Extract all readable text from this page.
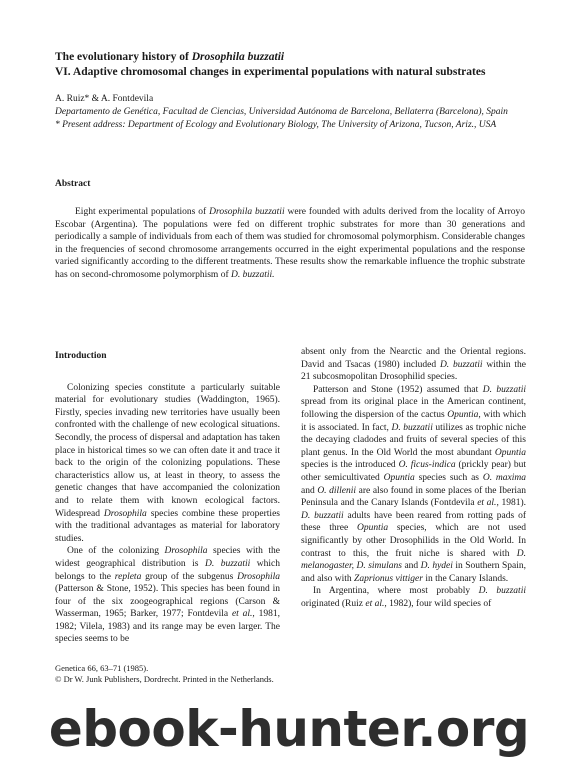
The evolutionary history of Drosophila buzzatii
VI. Adaptive chromosomal changes in experimental populations with natural substrates
A. Ruiz* & A. Fontdevila
Departamento de Genética, Facultad de Ciencias, Universidad Autónoma de Barcelona, Bellaterra (Barcelona), Spain
* Present address: Department of Ecology and Evolutionary Biology, The University of Arizona, Tucson, Ariz., USA
Abstract

Eight experimental populations of Drosophila buzzatii were founded with adults derived from the locality of Arroyo Escobar (Argentina). The populations were fed on different trophic substrates for more than 30 generations and periodically a sample of individuals from each of them was studied for chromosomal polymorphism. Considerable changes in the frequencies of second chromosome arrangements occurred in the eight experimental populations and the response varied significantly according to the different treatments. These results show the remarkable influence the trophic substrate has on second-chromosome polymorphism of D. buzzatii.

Introduction

Colonizing species constitute a particularly suitable material for evolutionary studies (Waddington, 1965). Firstly, species invading new territories have usually been confronted with the challenge of new ecological situations. Secondly, the process of dispersal and adaptation has taken place in historical times so we can often date it and trace it back to the origin of the colonizing populations. These characteristics allow us, at least in theory, to assess the genetic changes that have accompanied the colonization and to relate them with known ecological factors. Widespread Drosophila species combine these properties with the traditional advantages as material for laboratory studies.

One of the colonizing Drosophila species with the widest geographical distribution is D. buzzatii which belongs to the repleta group of the subgenus Drosophila (Patterson & Stone, 1952). This species has been found in four of the six zoogeographical regions (Carson & Wasserman, 1965; Barker, 1977; Fontdevila et al., 1981, 1982; Vilela, 1983) and its range may be even larger. The species seems to be

absent only from the Nearctic and the Oriental regions. David and Tsacas (1980) included D. buzzatii within the 21 subcosmopolitan Drosophilid species.

Patterson and Stone (1952) assumed that D. buzzatii spread from its original place in the American continent, following the dispersion of the cactus Opuntia, with which it is associated. In fact, D. buzzatii utilizes as trophic niche the decaying cladodes and fruits of several species of this plant genus. In the Old World the most abundant Opuntia species is the introduced O. ficus-indica (prickly pear) but other semicultivated Opuntia species such as O. maxima and O. dillenii are also found in some places of the Iberian Peninsula and the Canary Islands (Fontdevila et al., 1981). D. buzzatii adults have been reared from rotting pads of these three Opuntia species, which are not used significantly by other Drosophilids in the Old World. In contrast to this, the fruit niche is shared with D. melanogaster, D. simulans and D. hydei in Southern Spain, and also with Zaprionus vittiger in the Canary Islands.

In Argentina, where most probably D. buzzatii originated (Ruiz et al., 1982), four wild species of

Genetica 66, 63–71 (1985).
© Dr W. Junk Publishers, Dordrecht. Printed in the Netherlands.
ebook-hunter.org
